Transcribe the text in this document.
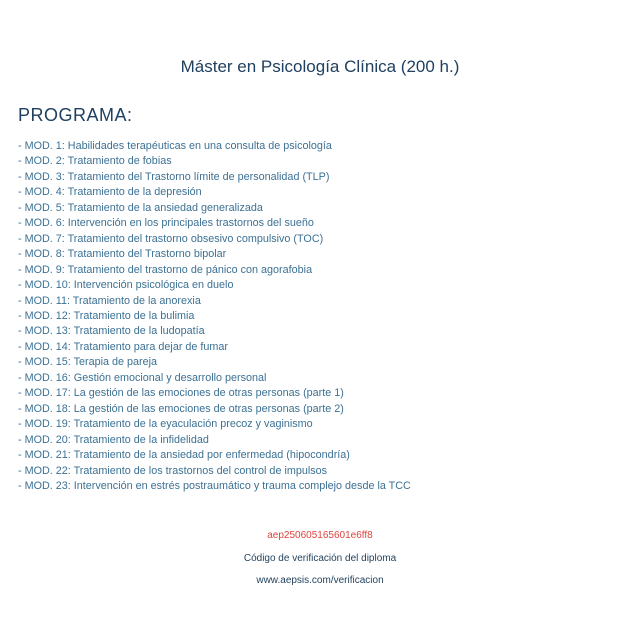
Máster en Psicología Clínica (200 h.)
PROGRAMA:
- MOD. 1: Habilidades terapéuticas en una consulta de psicología
- MOD. 2: Tratamiento de fobias
- MOD. 3: Tratamiento del Trastorno límite de personalidad (TLP)
- MOD. 4: Tratamiento de la depresión
- MOD. 5: Tratamiento de la ansiedad generalizada
- MOD. 6: Intervención en los principales trastornos del sueño
- MOD. 7: Tratamiento del trastorno obsesivo compulsivo (TOC)
- MOD. 8: Tratamiento del Trastorno bipolar
- MOD. 9: Tratamiento del trastorno de pánico con agorafobia
- MOD. 10: Intervención psicológica en duelo
- MOD. 11: Tratamiento de la anorexia
- MOD. 12: Tratamiento de la bulimia
- MOD. 13: Tratamiento de la ludopatía
- MOD. 14: Tratamiento para dejar de fumar
- MOD. 15: Terapia de pareja
- MOD. 16: Gestión emocional y desarrollo personal
- MOD. 17: La gestión de las emociones de otras personas (parte 1)
- MOD. 18: La gestión de las emociones de otras personas (parte 2)
- MOD. 19: Tratamiento de la eyaculación precoz y vaginismo
- MOD. 20: Tratamiento de la infidelidad
- MOD. 21: Tratamiento de la ansiedad por enfermedad (hipocondría)
- MOD. 22: Tratamiento de los trastornos del control de impulsos
- MOD. 23: Intervención en estrés postraumático y trauma complejo desde la TCC
aep250605165601e6ff8
Código de verificación del diploma
www.aepsis.com/verificacion
